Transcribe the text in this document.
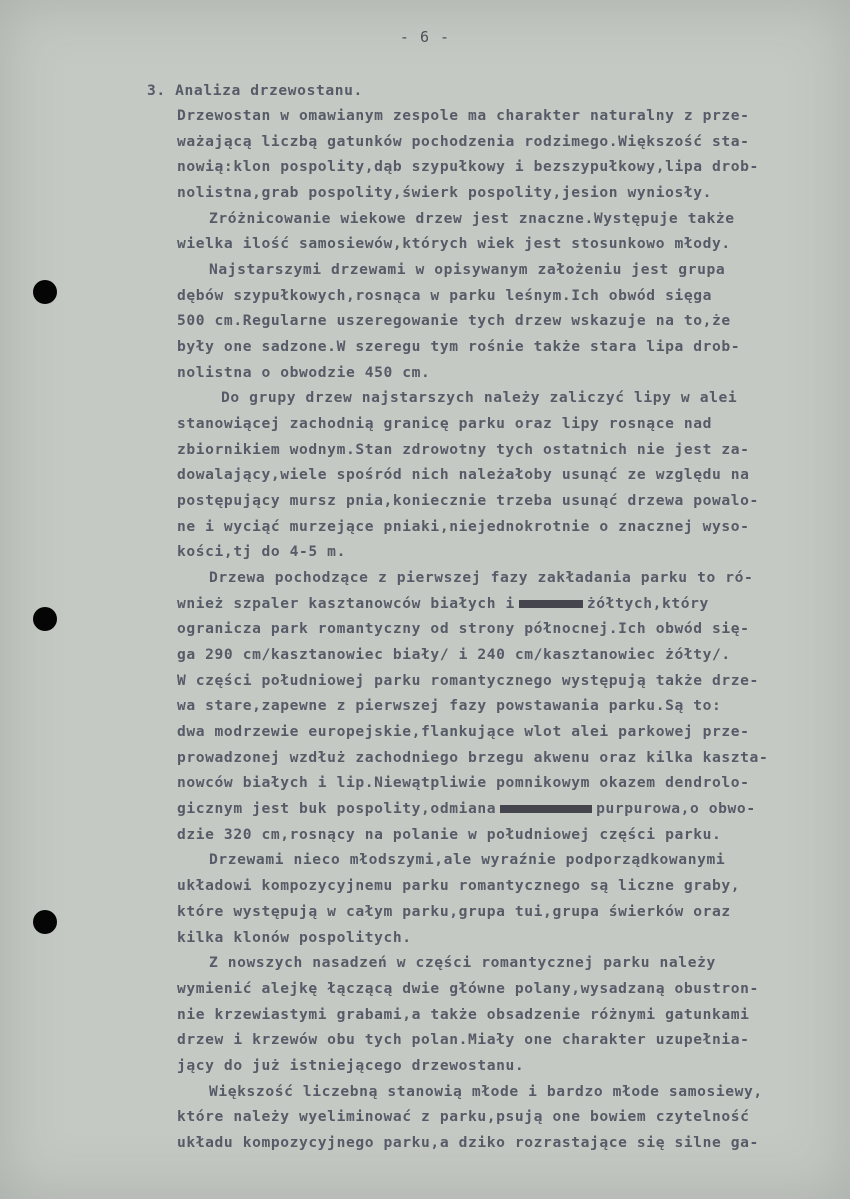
- 6 -
3. Analiza drzewostanu.
Drzewostan w omawianym zespole ma charakter naturalny z prze-
ważającą liczbą gatunków pochodzenia rodzimego.Większość sta-
nowią:klon pospolity,dąb szypułkowy i bezszypułkowy,lipa drob-
nolistna,grab pospolity,świerk pospolity,jesion wyniosły.
Zróżnicowanie wiekowe drzew jest znaczne.Występuje także
wielka ilość samosiewów,których wiek jest stosunkowo młody.
Najstarszymi drzewami w opisywanym założeniu jest grupa
dębów szypułkowych,rosnąca w parku leśnym.Ich obwód sięga
500 cm.Regularne uszeregowanie tych drzew wskazuje na to,że
były one sadzone.W szeregu tym rośnie także stara lipa drob-
nolistna o obwodzie 450 cm.
Do grupy drzew najstarszych należy zaliczyć lipy w alei
stanowiącej zachodnią granicę parku oraz lipy rosnące nad
zbiornikiem wodnym.Stan zdrowotny tych ostatnich nie jest za-
dowalający,wiele spośród nich należałoby usunąć ze względu na
postępujący mursz pnia,koniecznie trzeba usunąć drzewa powalo-
ne i wyciąć murzejące pniaki,niejednokrotnie o znacznej wyso-
kości,tj do 4-5 m.
Drzewa pochodzące z pierwszej fazy zakładania parku to ró-
wnież szpaler kasztanowców białych i	żółtych,który
ogranicza park romantyczny od strony północnej.Ich obwód się-
ga 290 cm/kasztanowiec biały/ i 240 cm/kasztanowiec żółty/.
W części południowej parku romantycznego występują także drze-
wa stare,zapewne z pierwszej fazy powstawania parku.Są to:
dwa modrzewie europejskie,flankujące wlot alei parkowej prze-
prowadzonej wzdłuż zachodniego brzegu akwenu oraz kilka kaszta-
nowców białych i lip.Niewątpliwie pomnikowym okazem dendrolo-
gicznym jest buk pospolity,odmiana	purpurowa,o obwo-
dzie 320 cm,rosnący na polanie w południowej części parku.
Drzewami nieco młodszymi,ale wyraźnie podporządkowanymi
układowi kompozycyjnemu parku romantycznego są liczne graby,
które występują w całym parku,grupa tui,grupa świerków oraz
kilka klonów pospolitych.
Z nowszych nasadzeń w części romantycznej parku należy
wymienić alejkę łączącą dwie główne polany,wysadzaną obustron-
nie krzewiastymi grabami,a także obsadzenie różnymi gatunkami
drzew i krzewów obu tych polan.Miały one charakter uzupełnia-
jący do już istniejącego drzewostanu.
Większość liczebną stanowią młode i bardzo młode samosiewy,
które należy wyeliminować z parku,psują one bowiem czytelność
układu kompozycyjnego parku,a dziko rozrastające się silne ga-
